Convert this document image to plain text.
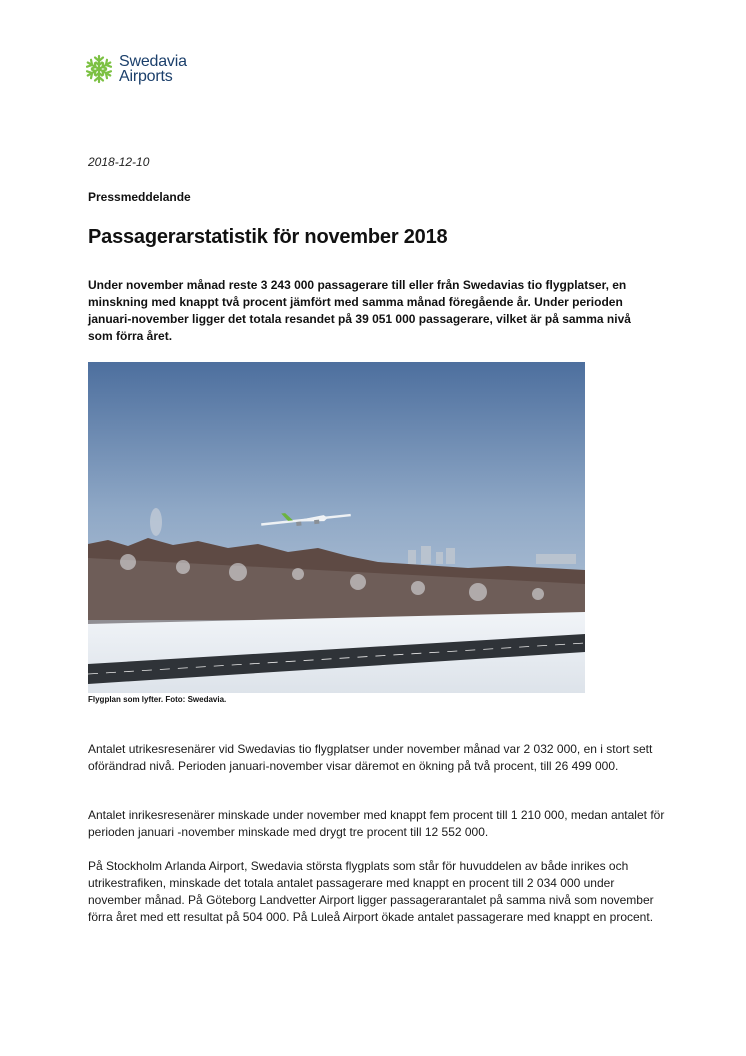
Swedavia
Airports
2018-12-10
Pressmeddelande
Passagerarstatistik för november 2018

Under november månad reste 3 243 000 passagerare till eller från Swedavias tio flygplatser, en minskning med knappt två procent jämfört med samma månad föregående år. Under perioden januari-november ligger det totala resandet på 39 051 000 passagerare, vilket är på samma nivå som förra året.

Flygplan som lyfter. Foto: Swedavia.

Antalet utrikesresenärer vid Swedavias tio flygplatser under november månad var 2 032 000, en i stort sett oförändrad nivå. Perioden januari-november visar däremot en ökning på två procent, till 26 499 000.

Antalet inrikesresenärer minskade under november med knappt fem procent till 1 210 000, medan antalet för perioden januari -november minskade med drygt tre procent till 12 552 000.

På Stockholm Arlanda Airport, Swedavia största flygplats som står för huvuddelen av både inrikes och utrikestrafiken, minskade det totala antalet passagerare med knappt en procent till 2 034 000 under november månad. På Göteborg Landvetter Airport ligger passagerarantalet på samma nivå som november förra året med ett resultat på 504 000. På Luleå Airport ökade antalet passagerare med knappt en procent.
